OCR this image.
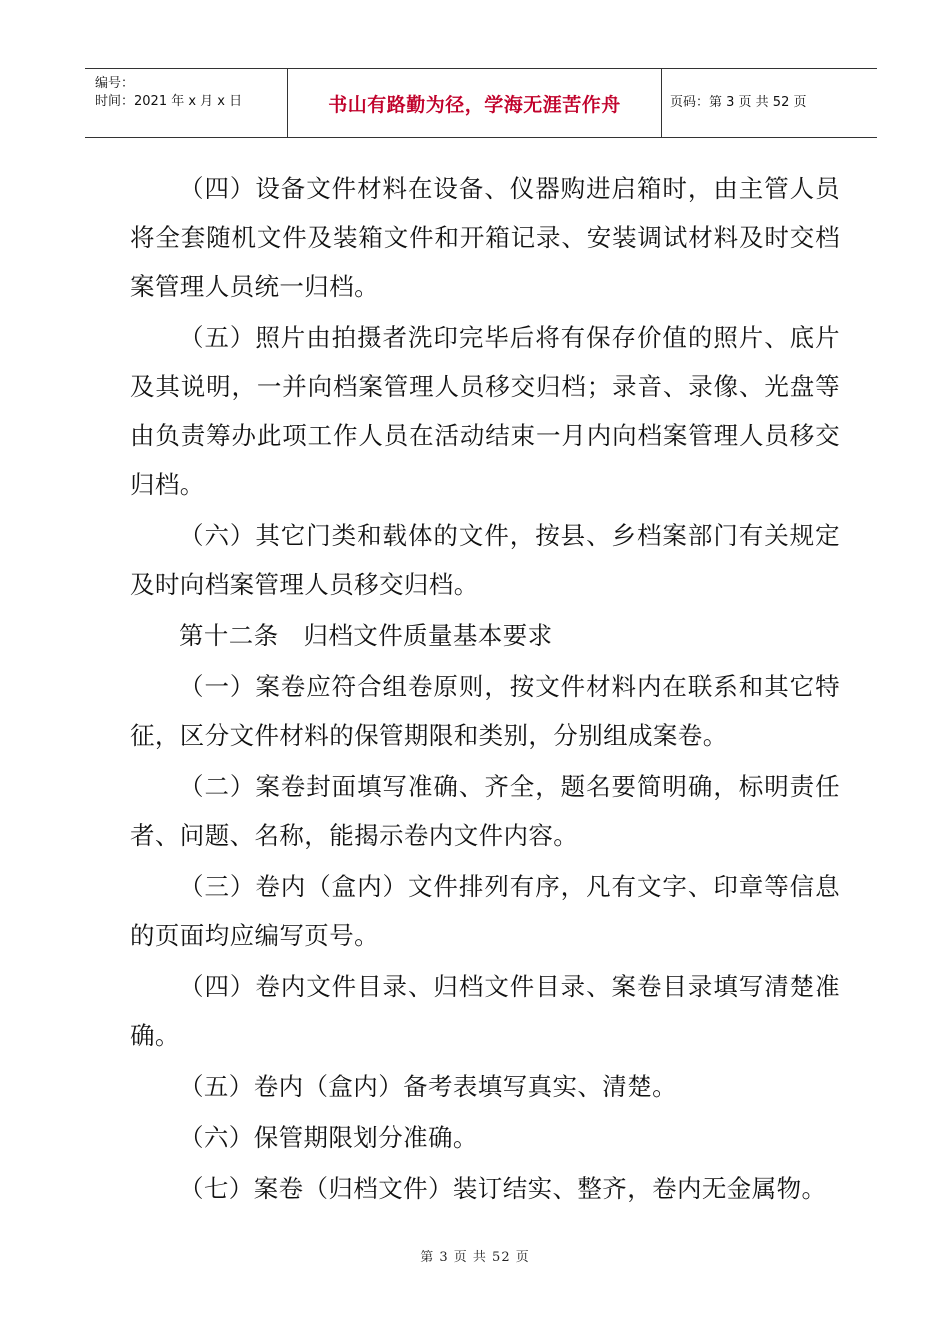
编号：
时间：2021 年 x 月 x 日	书山有路勤为径，学海无涯苦作舟	页码：第 3 页 共 52 页

（四）设备文件材料在设备、仪器购进启箱时，由主管人员将全套随机文件及装箱文件和开箱记录、安装调试材料及时交档案管理人员统一归档。

（五）照片由拍摄者洗印完毕后将有保存价值的照片、底片及其说明，一并向档案管理人员移交归档；录音、录像、光盘等由负责筹办此项工作人员在活动结束一月内向档案管理人员移交归档。

（六）其它门类和载体的文件，按县、乡档案部门有关规定及时向档案管理人员移交归档。

第十二条　归档文件质量基本要求

（一）案卷应符合组卷原则，按文件材料内在联系和其它特征，区分文件材料的保管期限和类别，分别组成案卷。

（二）案卷封面填写准确、齐全，题名要简明确，标明责任者、问题、名称，能揭示卷内文件内容。

（三）卷内（盒内）文件排列有序，凡有文字、印章等信息的页面均应编写页号。

（四）卷内文件目录、归档文件目录、案卷目录填写清楚准确。

（五）卷内（盒内）备考表填写真实、清楚。

（六）保管期限划分准确。

（七）案卷（归档文件）装订结实、整齐，卷内无金属物。

第 3 页 共 52 页
